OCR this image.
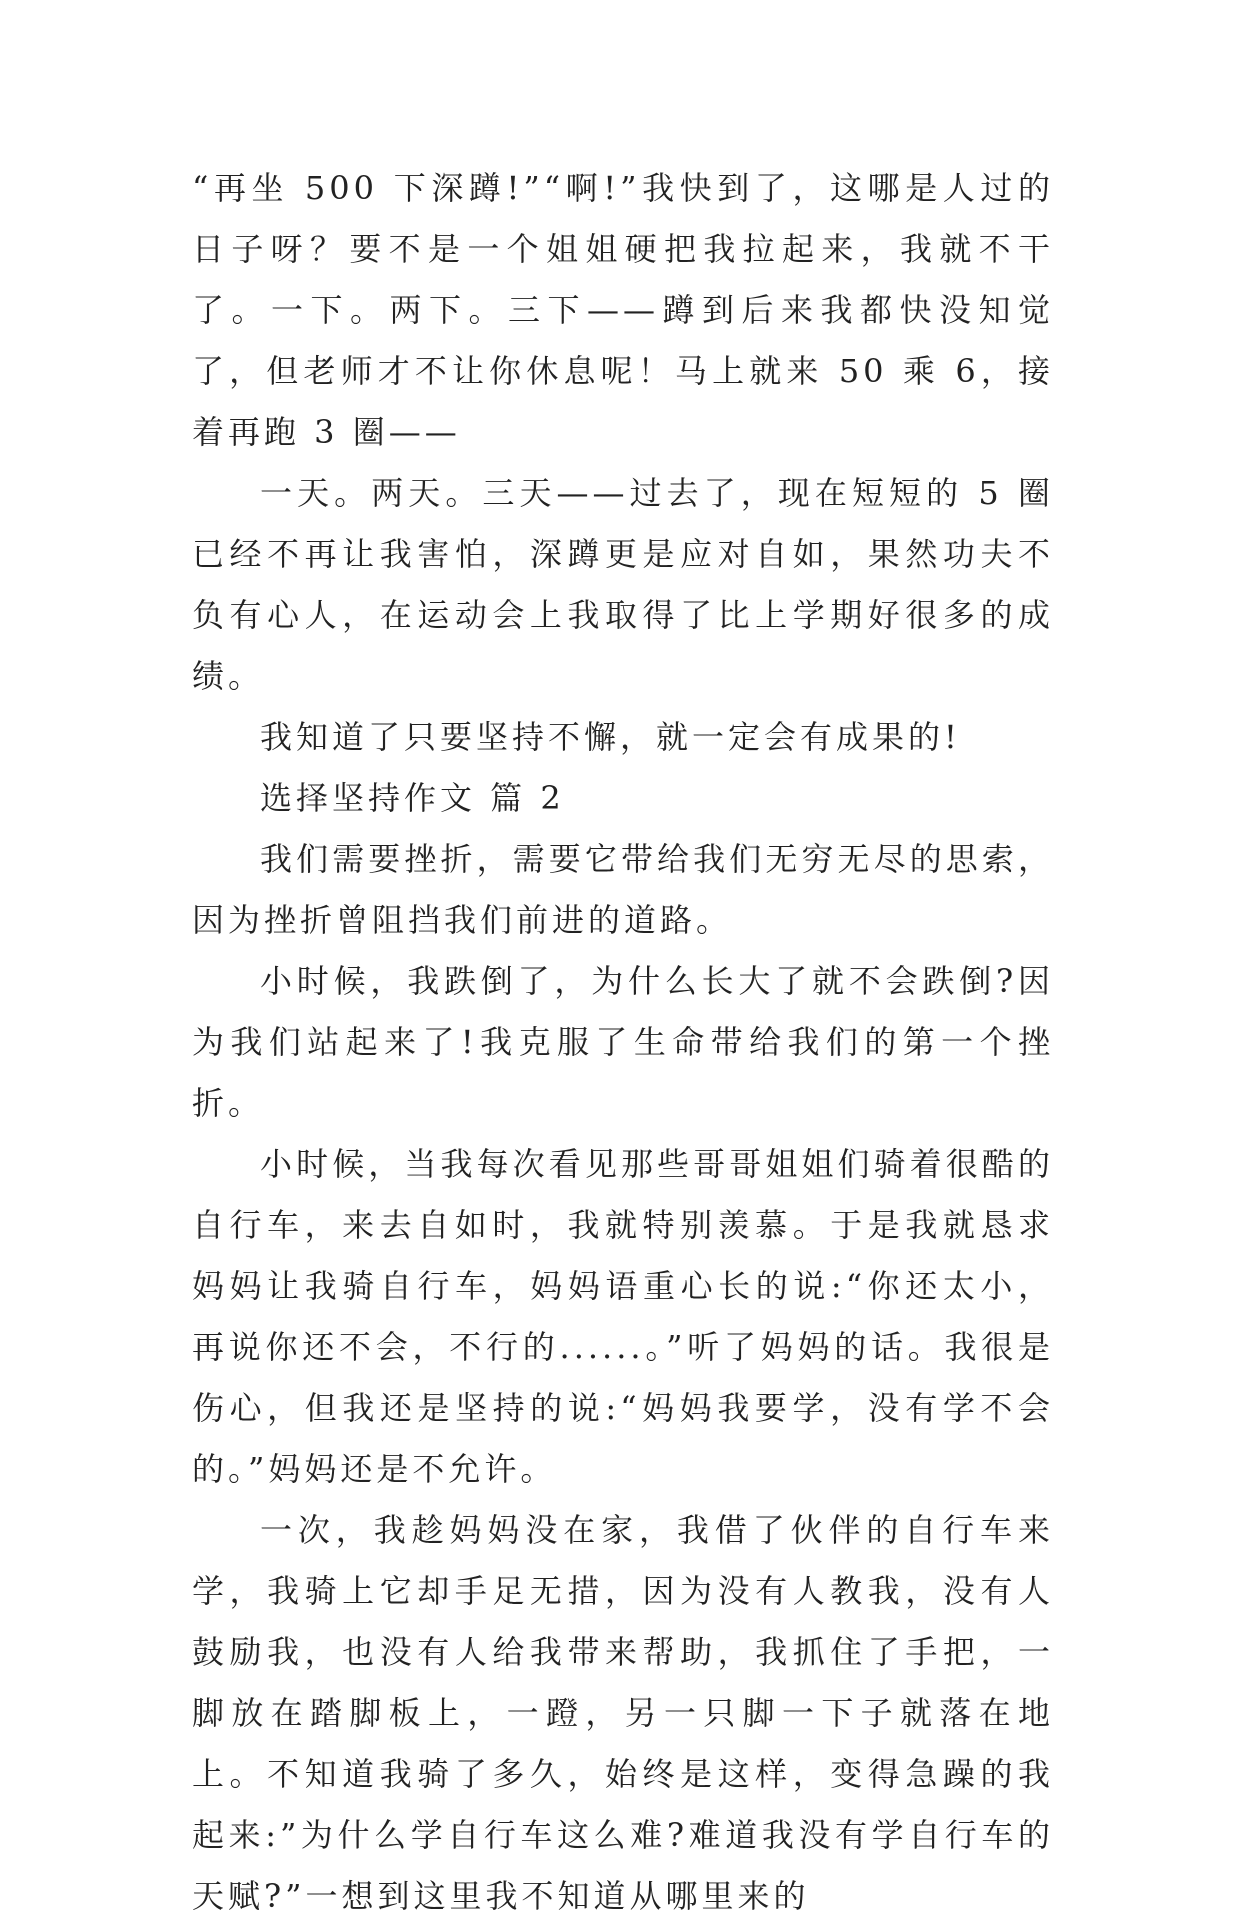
“再坐 500 下深蹲!”“啊!”我快到了，这哪是人过的日子呀？要不是一个姐姐硬把我拉起来，我就不干了。一下。两下。三下——蹲到后来我都快没知觉了，但老师才不让你休息呢！马上就来 50 乘 6，接着再跑 3 圈——

一天。两天。三天——过去了，现在短短的 5 圈已经不再让我害怕，深蹲更是应对自如，果然功夫不负有心人，在运动会上我取得了比上学期好很多的成绩。

我知道了只要坚持不懈，就一定会有成果的!

选择坚持作文 篇 2

我们需要挫折，需要它带给我们无穷无尽的思索，因为挫折曾阻挡我们前进的道路。

小时候，我跌倒了，为什么长大了就不会跌倒?因为我们站起来了!我克服了生命带给我们的第一个挫折。

小时候，当我每次看见那些哥哥姐姐们骑着很酷的自行车，来去自如时，我就特别羡慕。于是我就恳求妈妈让我骑自行车，妈妈语重心长的说:“你还太小，再说你还不会，不行的......。”听了妈妈的话。我很是伤心，但我还是坚持的说:“妈妈我要学，没有学不会的。”妈妈还是不允许。

一次，我趁妈妈没在家，我借了伙伴的自行车来学，我骑上它却手足无措，因为没有人教我，没有人鼓励我，也没有人给我带来帮助，我抓住了手把，一脚放在踏脚板上，一蹬，另一只脚一下子就落在地上。不知道我骑了多久，始终是这样，变得急躁的我起来:”为什么学自行车这么难?难道我没有学自行车的天赋?”一想到这里我不知道从哪里来的
